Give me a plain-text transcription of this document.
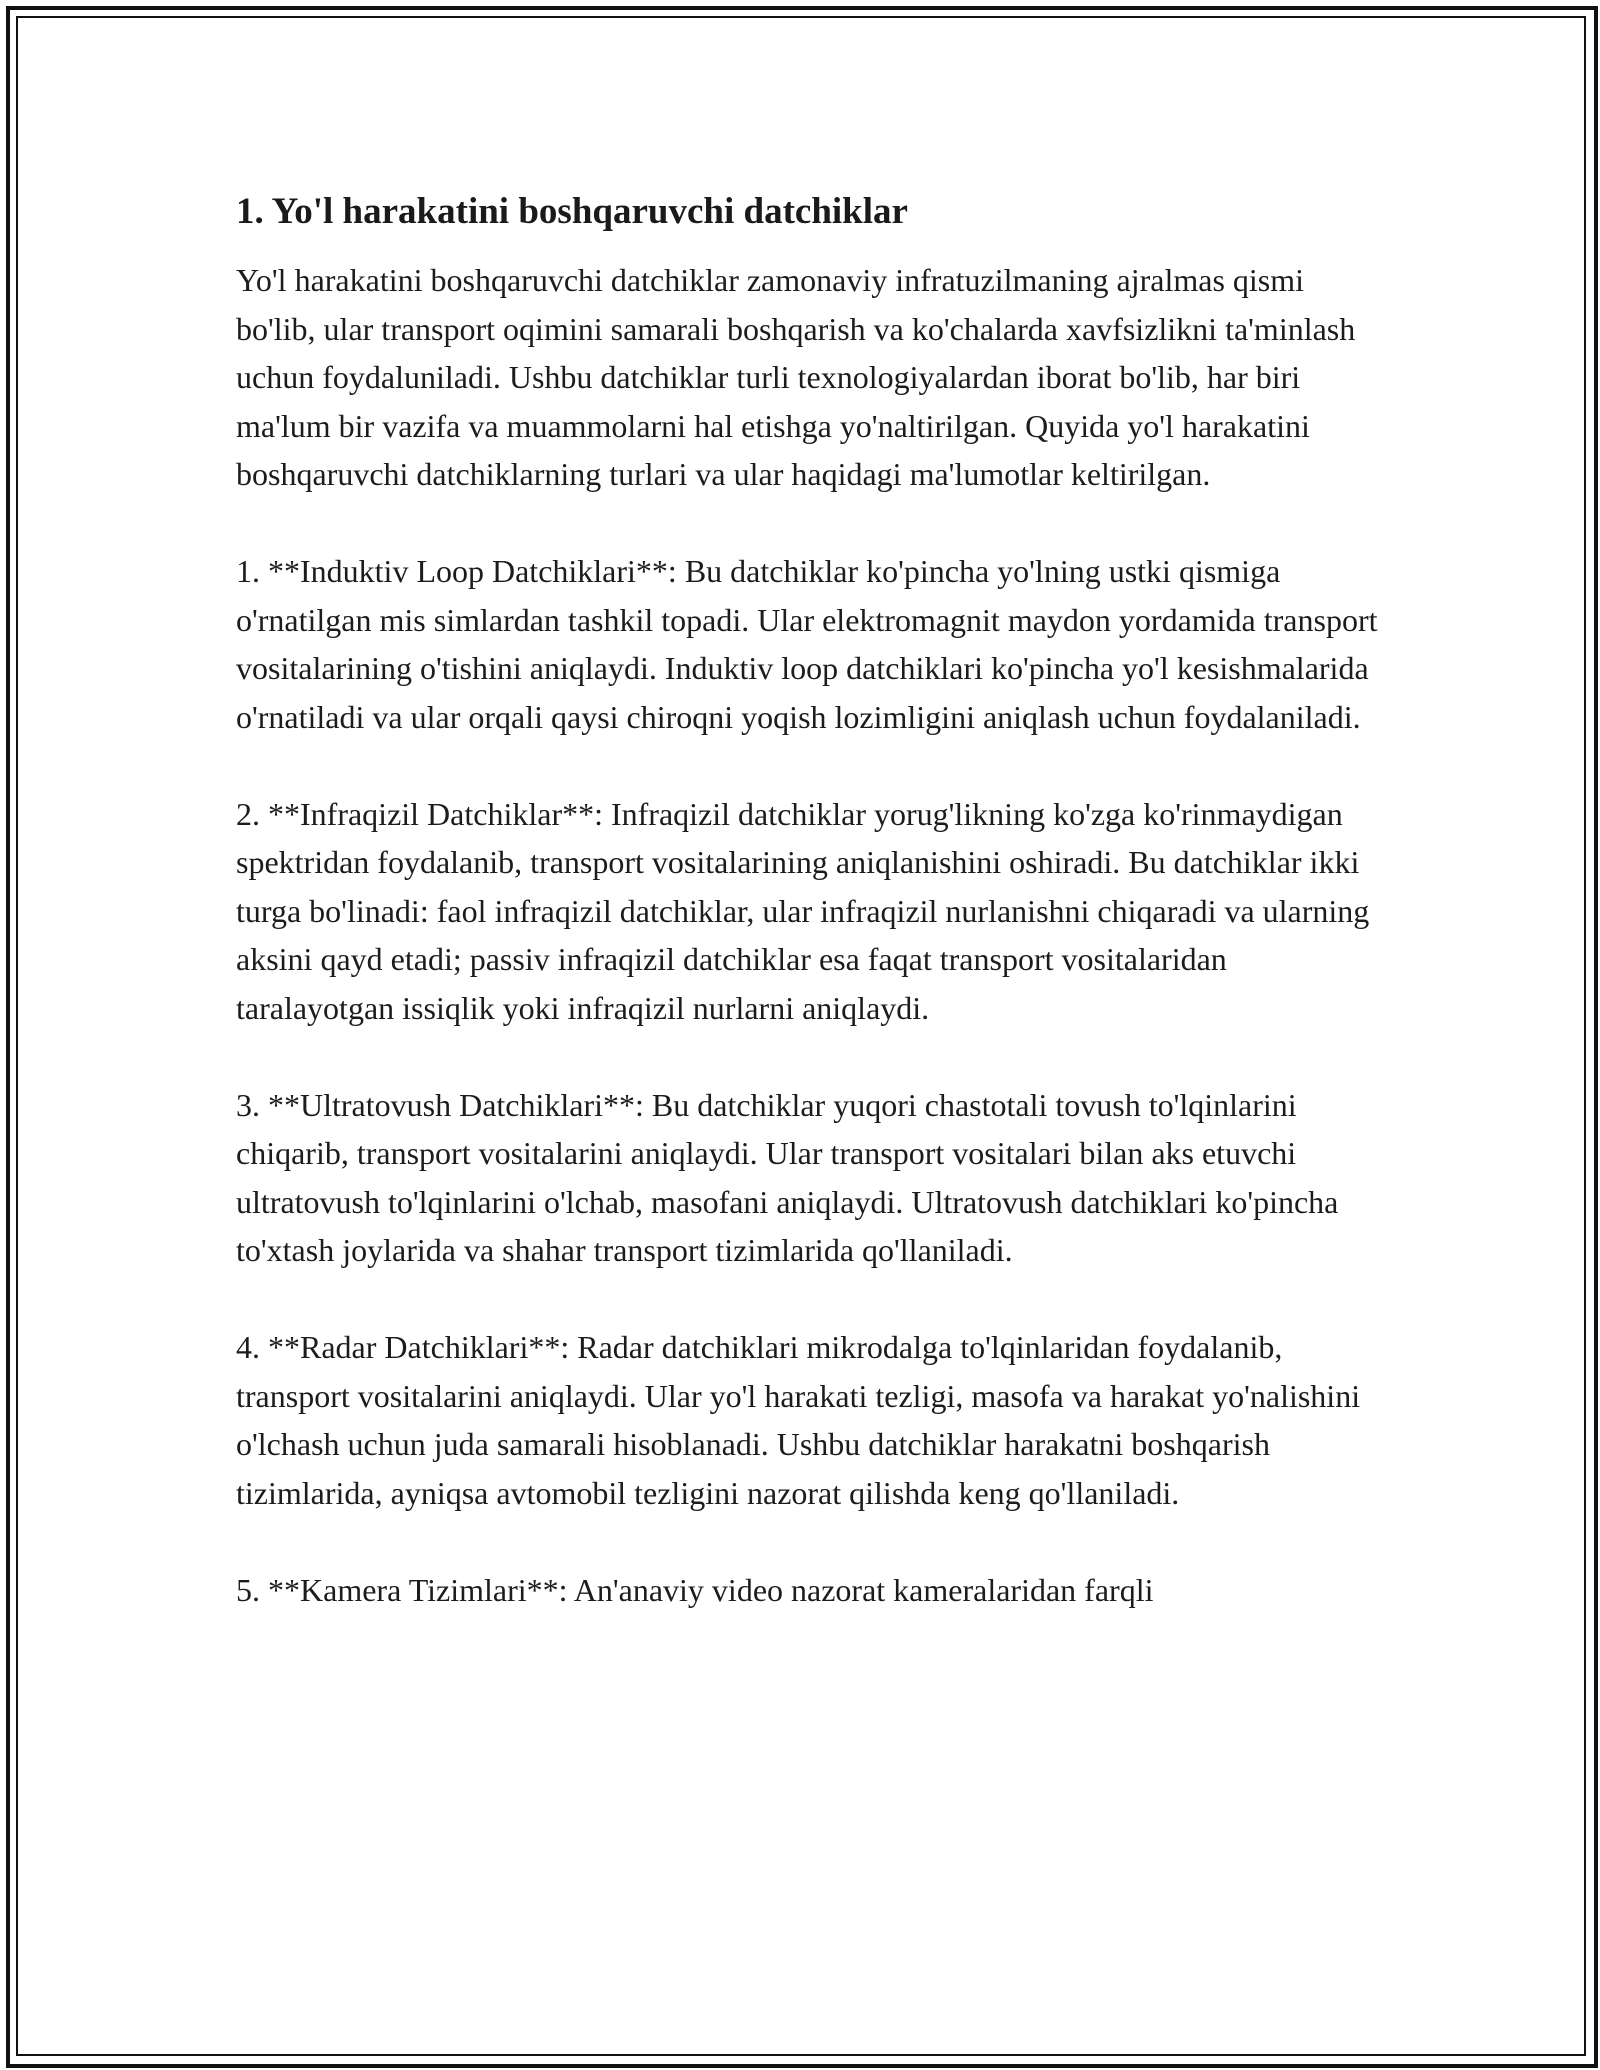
1. Yo'l harakatini boshqaruvchi datchiklar

Yo'l harakatini boshqaruvchi datchiklar zamonaviy infratuzilmaning ajralmas qismi bo'lib, ular transport oqimini samarali boshqarish va ko'chalarda xavfsizlikni ta'minlash uchun foydaluniladi. Ushbu datchiklar turli texnologiyalardan iborat bo'lib, har biri ma'lum bir vazifa va muammolarni hal etishga yo'naltirilgan. Quyida yo'l harakatini boshqaruvchi datchiklarning turlari va ular haqidagi ma'lumotlar keltirilgan.

1. **Induktiv Loop Datchiklari**: Bu datchiklar ko'pincha yo'lning ustki qismiga o'rnatilgan mis simlardan tashkil topadi. Ular elektromagnit maydon yordamida transport vositalarining o'tishini aniqlaydi. Induktiv loop datchiklari ko'pincha yo'l kesishmalarida o'rnatiladi va ular orqali qaysi chiroqni yoqish lozimligini aniqlash uchun foydalaniladi.

2. **Infraqizil Datchiklar**: Infraqizil datchiklar yorug'likning ko'zga ko'rinmaydigan spektridan foydalanib, transport vositalarining aniqlanishini oshiradi. Bu datchiklar ikki turga bo'linadi: faol infraqizil datchiklar, ular infraqizil nurlanishni chiqaradi va ularning aksini qayd etadi; passiv infraqizil datchiklar esa faqat transport vositalaridan taralayotgan issiqlik yoki infraqizil nurlarni aniqlaydi.

3. **Ultratovush Datchiklari**: Bu datchiklar yuqori chastotali tovush to'lqinlarini chiqarib, transport vositalarini aniqlaydi. Ular transport vositalari bilan aks etuvchi ultratovush to'lqinlarini o'lchab, masofani aniqlaydi. Ultratovush datchiklari ko'pincha to'xtash joylarida va shahar transport tizimlarida qo'llaniladi.

4. **Radar Datchiklari**: Radar datchiklari mikrodalga to'lqinlaridan foydalanib, transport vositalarini aniqlaydi. Ular yo'l harakati tezligi, masofa va harakat yo'nalishini o'lchash uchun juda samarali hisoblanadi. Ushbu datchiklar harakatni boshqarish tizimlarida, ayniqsa avtomobil tezligini nazorat qilishda keng qo'llaniladi.

5. **Kamera Tizimlari**: An'anaviy video nazorat kameralaridan farqli
